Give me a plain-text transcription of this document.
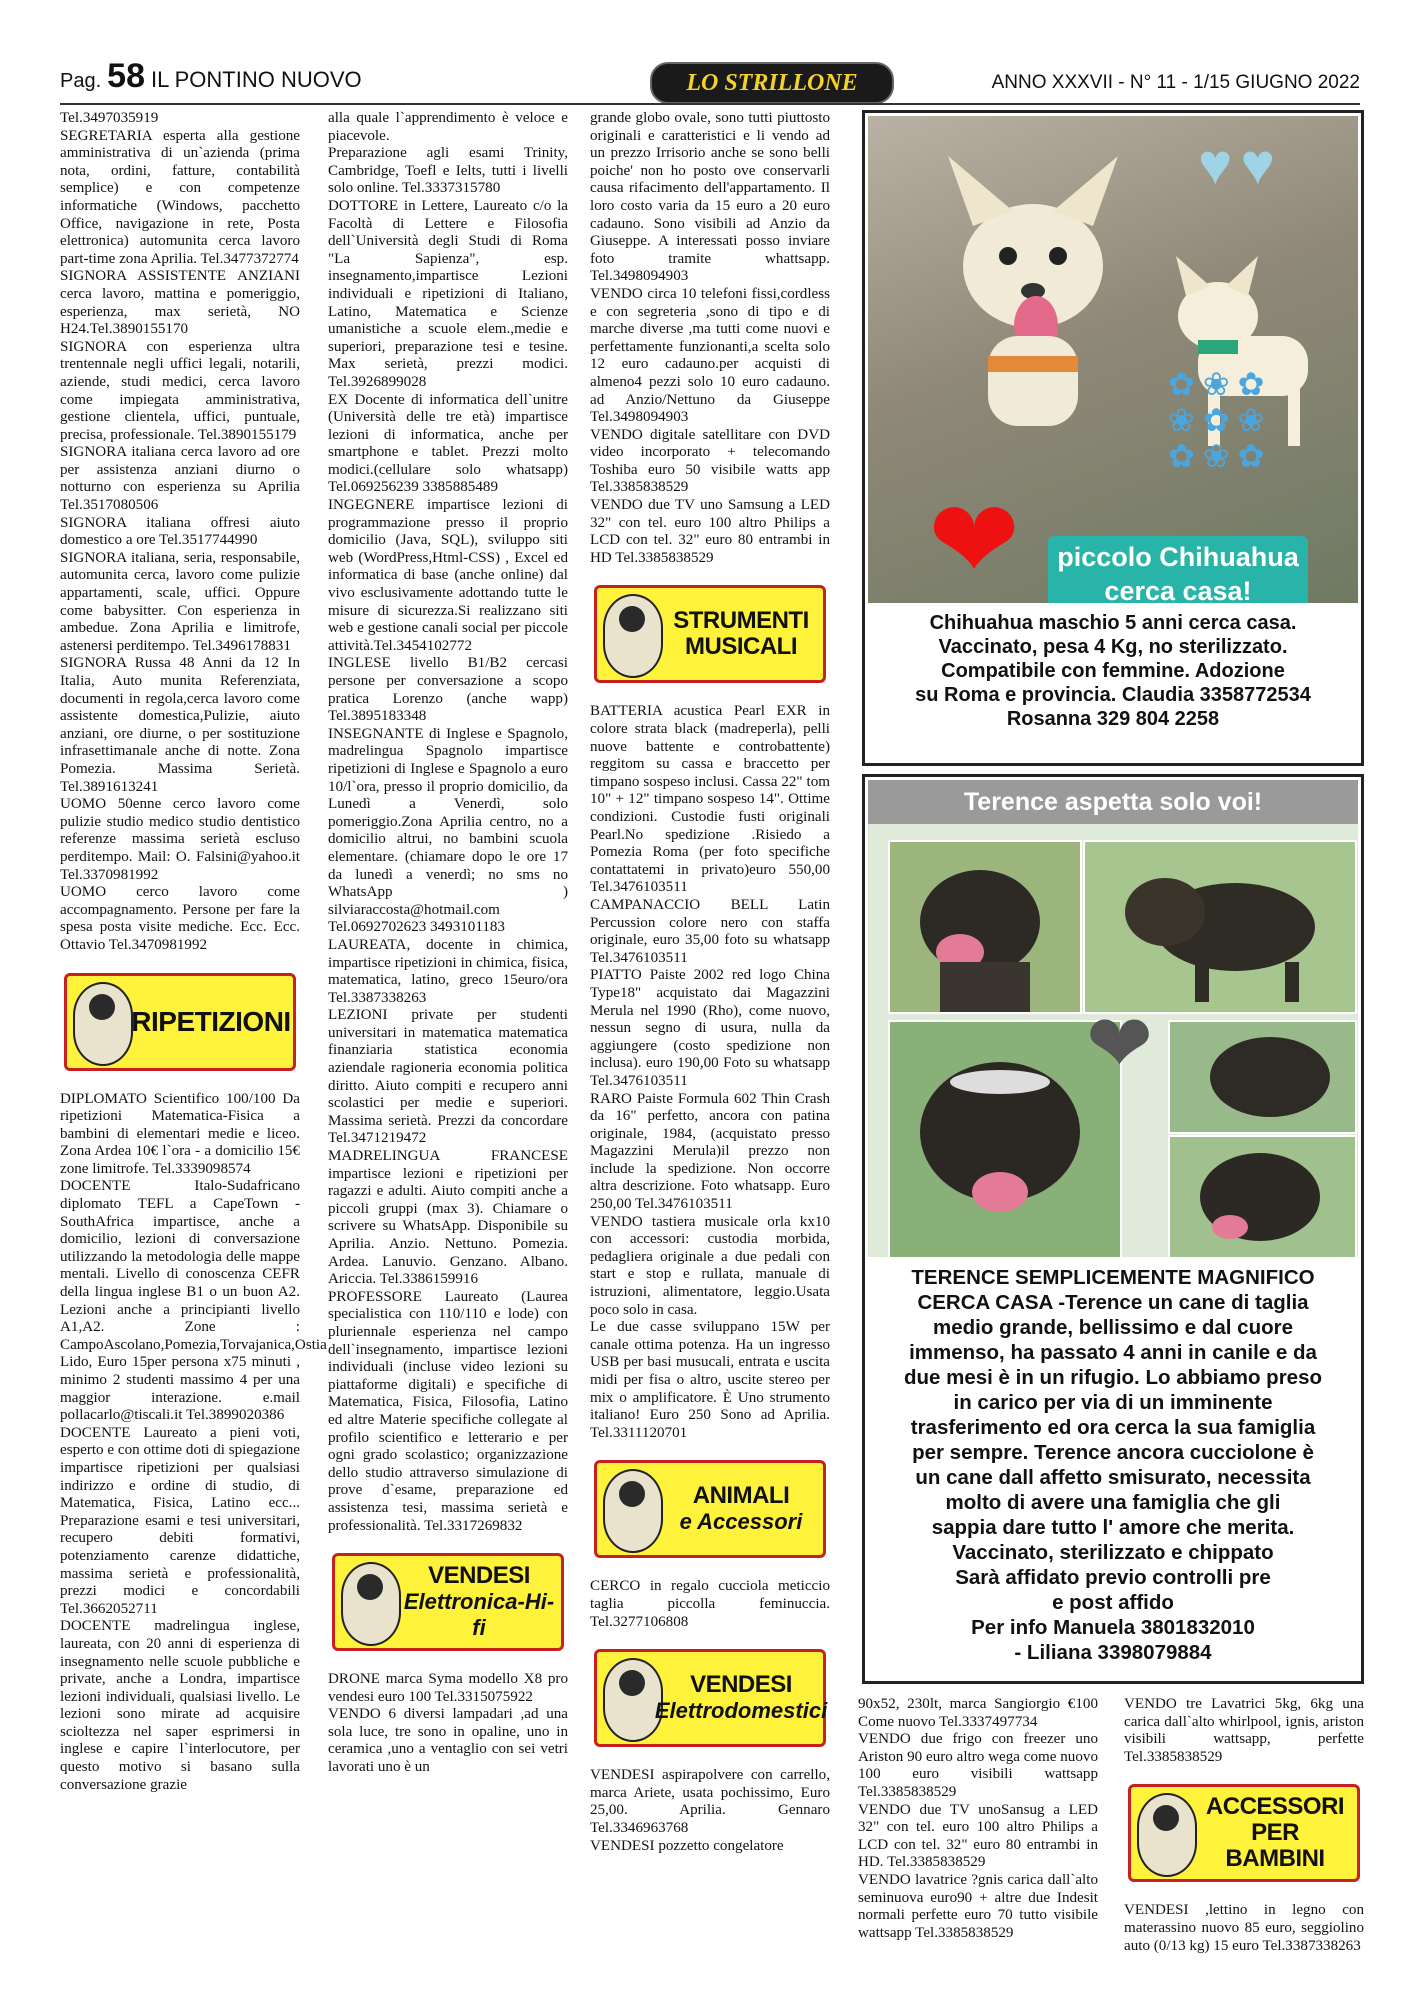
Pag. 58 IL PONTINO NUOVO	LO STRILLONE	ANNO XXXVII - N° 11 - 1/15 GIUGNO 2022

Tel.3497035919

SEGRETARIA esperta alla gestione amministrativa di un`azienda (prima nota, ordini, fatture, contabilità semplice) e con competenze informatiche (Windows, pacchetto Office, navigazione in rete, Posta elettronica) automunita cerca lavoro part-time zona Aprilia. Tel.3477372774

SIGNORA ASSISTENTE ANZIANI cerca lavoro, mattina e pomeriggio, esperienza, max serietà, NO H24.Tel.3890155170

SIGNORA con esperienza ultra trentennale negli uffici legali, notarili, aziende, studi medici, cerca lavoro come impiegata amministrativa, gestione clientela, uffici, puntuale, precisa, professionale. Tel.3890155179

SIGNORA italiana cerca lavoro ad ore per assistenza anziani diurno o notturno con esperienza su Aprilia Tel.3517080506

SIGNORA italiana offresi aiuto domestico a ore Tel.3517744990

SIGNORA italiana, seria, responsabile, automunita cerca, lavoro come pulizie appartamenti, scale, uffici. Oppure come babysitter. Con esperienza in ambedue. Zona Aprilia e limitrofe, astenersi perditempo. Tel.3496178831

SIGNORA Russa 48 Anni da 12 In Italia, Auto munita Referenziata, documenti in regola,cerca lavoro come assistente domestica,Pulizie, aiuto anziani, ore diurne, o per sostituzione infrasettimanale anche di notte. Zona Pomezia. Massima Serietà. Tel.3891613241

UOMO 50enne cerco lavoro come pulizie studio medico studio dentistico referenze massima serietà escluso perditempo. Mail: O. Falsini@yahoo.it Tel.3370981992

UOMO cerco lavoro come accompagnamento. Persone per fare la spesa posta visite mediche. Ecc. Ecc. Ottavio Tel.3470981992

RIPETIZIONI

DIPLOMATO Scientifico 100/100 Da ripetizioni Matematica-Fisica a bambini di elementari medie e liceo. Zona Ardea 10€ l`ora - a domicilio 15€ zone limitrofe. Tel.3339098574

DOCENTE Italo-Sudafricano diplomato TEFL a CapeTown -SouthAfrica impartisce, anche a domicilio, lezioni di conversazione utilizzando la metodologia delle mappe mentali. Livello di conoscenza CEFR della lingua inglese B1 o un buon A2. Lezioni anche a principianti livello A1,A2. Zone : CampoAscolano,Pomezia,Torvajanica,Ostia Lido, Euro 15per persona x75 minuti , minimo 2 studenti massimo 4 per una maggior interazione. e.mail pollacarlo@tiscali.it Tel.3899020386

DOCENTE Laureato a pieni voti, esperto e con ottime doti di spiegazione impartisce ripetizioni per qualsiasi indirizzo e ordine di studio, di Matematica, Fisica, Latino ecc... Preparazione esami e tesi universitari, recupero debiti formativi, potenziamento carenze didattiche, massima serietà e professionalità, prezzi modici e concordabili Tel.3662052711

DOCENTE madrelingua inglese, laureata, con 20 anni di esperienza di insegnamento nelle scuole pubbliche e private, anche a Londra, impartisce lezioni individuali, qualsiasi livello. Le lezioni sono mirate ad acquisire scioltezza nel saper esprimersi in inglese e capire l`interlocutore, per questo motivo si basano sulla conversazione grazie

alla quale l`apprendimento è veloce e piacevole.

Preparazione agli esami Trinity, Cambridge, Toefl e Ielts, tutti i livelli solo online. Tel.3337315780

DOTTORE in Lettere, Laureato c/o la Facoltà di Lettere e Filosofia dell`Università degli Studi di Roma "La Sapienza", esp. insegnamento,impartisce Lezioni individuali e ripetizioni di Italiano, Latino, Matematica e Scienze umanistiche a scuole elem.,medie e superiori, preparazione tesi e tesine. Max serietà, prezzi modici. Tel.3926899028

EX Docente di informatica dell`unitre (Università delle tre età) impartisce lezioni di informatica, anche per smartphone e tablet. Prezzi molto modici.(cellulare solo whatsapp) Tel.069256239 3385885489

INGEGNERE impartisce lezioni di programmazione presso il proprio domicilio (Java, SQL), sviluppo siti web (WordPress,Html-CSS) , Excel ed informatica di base (anche online) dal vivo esclusivamente adottando tutte le misure di sicurezza.Si realizzano siti web e gestione canali social per piccole attività.Tel.3454102772

INGLESE livello B1/B2 cercasi persone per conversazione a scopo pratica Lorenzo (anche wapp) Tel.3895183348

INSEGNANTE di Inglese e Spagnolo, madrelingua Spagnolo impartisce ripetizioni di Inglese e Spagnolo a euro 10/l`ora, presso il proprio domicilio, da Lunedì a Venerdì, solo pomeriggio.Zona Aprilia centro, no a domicilio altrui, no bambini scuola elementare. (chiamare dopo le ore 17 da lunedì a venerdì; no sms no WhatsApp ) silviaraccosta@hotmail.com Tel.0692702623 3493101183

LAUREATA, docente in chimica, impartisce ripetizioni in chimica, fisica, matematica, latino, greco 15euro/ora Tel.3387338263

LEZIONI private per studenti universitari in matematica matematica finanziaria statistica economia aziendale ragioneria economia politica diritto. Aiuto compiti e recupero anni scolastici per medie e superiori. Massima serietà. Prezzi da concordare Tel.3471219472

MADRELINGUA FRANCESE impartisce lezioni e ripetizioni per ragazzi e adulti. Aiuto compiti anche a piccoli gruppi (max 3). Chiamare o scrivere su WhatsApp. Disponibile su Aprilia. Anzio. Nettuno. Pomezia. Ardea. Lanuvio. Genzano. Albano. Ariccia. Tel.3386159916

PROFESSORE Laureato (Laurea specialistica con 110/110 e lode) con pluriennale esperienza nel campo dell`insegnamento, impartisce lezioni individuali (incluse video lezioni su piattaforme digitali) e specifiche di Matematica, Fisica, Filosofia, Latino ed altre Materie specifiche collegate al profilo scientifico e letterario e per ogni grado scolastico; organizzazione dello studio attraverso simulazione di prove d`esame, preparazione ed assistenza tesi, massima serietà e professionalità. Tel.3317269832

VENDESI
Elettronica-Hi-fi

DRONE marca Syma modello X8 pro vendesi euro 100 Tel.3315075922

VENDO 6 diversi lampadari ,ad una sola luce, tre sono in opaline, uno in ceramica ,uno a ventaglio con sei vetri lavorati uno è un

grande globo ovale, sono tutti piuttosto originali e caratteristici e li vendo ad un prezzo Irrisorio anche se sono belli poiche' non ho posto ove conservarli causa rifacimento dell'appartamento. Il loro costo varia da 15 euro a 20 euro cadauno. Sono visibili ad Anzio da Giuseppe. A interessati posso inviare foto tramite whattsapp. Tel.3498094903

VENDO circa 10 telefoni fissi,cordless e con segreteria ,sono di tipo e di marche diverse ,ma tutti come nuovi e perfettamente funzionanti,a scelta solo 12 euro cadauno.per acquisti di almeno4 pezzi solo 10 euro cadauno. ad Anzio/Nettuno da Giuseppe Tel.3498094903

VENDO digitale satellitare con DVD video incorporato + telecomando Toshiba euro 50 visibile watts app Tel.3385838529

VENDO due TV uno Samsung a LED 32" con tel. euro 100 altro Philips a LCD con tel. 32" euro 80 entrambi in HD Tel.3385838529

STRUMENTI
MUSICALI

BATTERIA acustica Pearl EXR in colore strata black (madreperla), pelli nuove battente e controbattente) reggitom su cassa e braccetto per timpano sospeso inclusi. Cassa 22" tom 10" + 12" timpano sospeso 14". Ottime condizioni. Custodie fusti originali Pearl.No spedizione .Risiedo a Pomezia Roma (per foto specifiche contattatemi in privato)euro 550,00 Tel.3476103511

CAMPANACCIO BELL Latin Percussion colore nero con staffa originale, euro 35,00 foto su whatsapp Tel.3476103511

PIATTO Paiste 2002 red logo China Type18" acquistato dai Magazzini Merula nel 1990 (Rho), come nuovo, nessun segno di usura, nulla da aggiungere (costo spedizione non inclusa). euro 190,00 Foto su whatsapp Tel.3476103511

RARO Paiste Formula 602 Thin Crash da 16" perfetto, ancora con patina originale, 1984, (acquistato presso Magazzini Merula)il prezzo non include la spedizione. Non occorre altra descrizione. Foto whatsapp. Euro 250,00 Tel.3476103511

VENDO tastiera musicale orla kx10 con accessori: custodia morbida, pedagliera originale a due pedali con start e stop e rullata, manuale di istruzioni, alimentatore, leggio.Usata poco solo in casa.

Le due casse sviluppano 15W per canale ottima potenza. Ha un ingresso USB per basi musucali, entrata e uscita midi per fisa o altro, uscite stereo per mix o amplificatore. È Uno strumento italiano! Euro 250 Sono ad Aprilia. Tel.3311120701

ANIMALI
e Accessori

CERCO in regalo cucciola meticcio taglia piccolla feminuccia. Tel.3277106808

VENDESI
Elettrodomestici

VENDESI aspirapolvere con carrello, marca Ariete, usata pochissimo, Euro 25,00. Aprilia. Gennaro Tel.3346963768

VENDESI pozzetto congelatore

♥♥
✿ ❀ ✿
❀ ✿ ❀
✿ ❀ ✿
❤	piccolo Chihuahua
cerca casa!
Chihuahua maschio 5 anni cerca casa.
Vaccinato, pesa 4 Kg, no sterilizzato.
Compatibile con femmine. Adozione
su Roma e provincia. Claudia 3358772534
Rosanna 329 804 2258
Terence aspetta solo voi!
❤
TERENCE SEMPLICEMENTE MAGNIFICO
CERCA CASA -Terence un cane di taglia
medio grande, bellissimo e dal cuore
immenso, ha passato 4 anni in canile e da
due mesi è in un rifugio. Lo abbiamo preso
in carico per via di un imminente
trasferimento ed ora cerca la sua famiglia
per sempre. Terence ancora cucciolone è
un cane dall affetto smisurato, necessita
molto di avere una famiglia che gli
sappia dare tutto l' amore che merita.
Vaccinato, sterilizzato e chippato
Sarà affidato previo controlli pre
e post affido
Per info Manuela 3801832010
- Liliana 3398079884

90x52, 230lt, marca Sangiorgio €100 Come nuovo Tel.3337497734

VENDO due frigo con freezer uno Ariston 90 euro altro wega come nuovo 100 euro visibili wattsapp Tel.3385838529

VENDO due TV unoSansug a LED 32" con tel. euro 100 altro Philips a LCD con tel. 32" euro 80 entrambi in HD. Tel.3385838529

VENDO lavatrice ?gnis carica dall`alto seminuova euro90 + altre due Indesit normali perfette euro 70 tutto visibile wattsapp Tel.3385838529

VENDO tre Lavatrici 5kg, 6kg una carica dall`alto whirlpool, ignis, ariston visibili wattsapp, perfette Tel.3385838529

ACCESSORI
PER BAMBINI

VENDESI ,lettino in legno con materassino nuovo 85 euro, seggiolino auto (0/13 kg) 15 euro Tel.3387338263
